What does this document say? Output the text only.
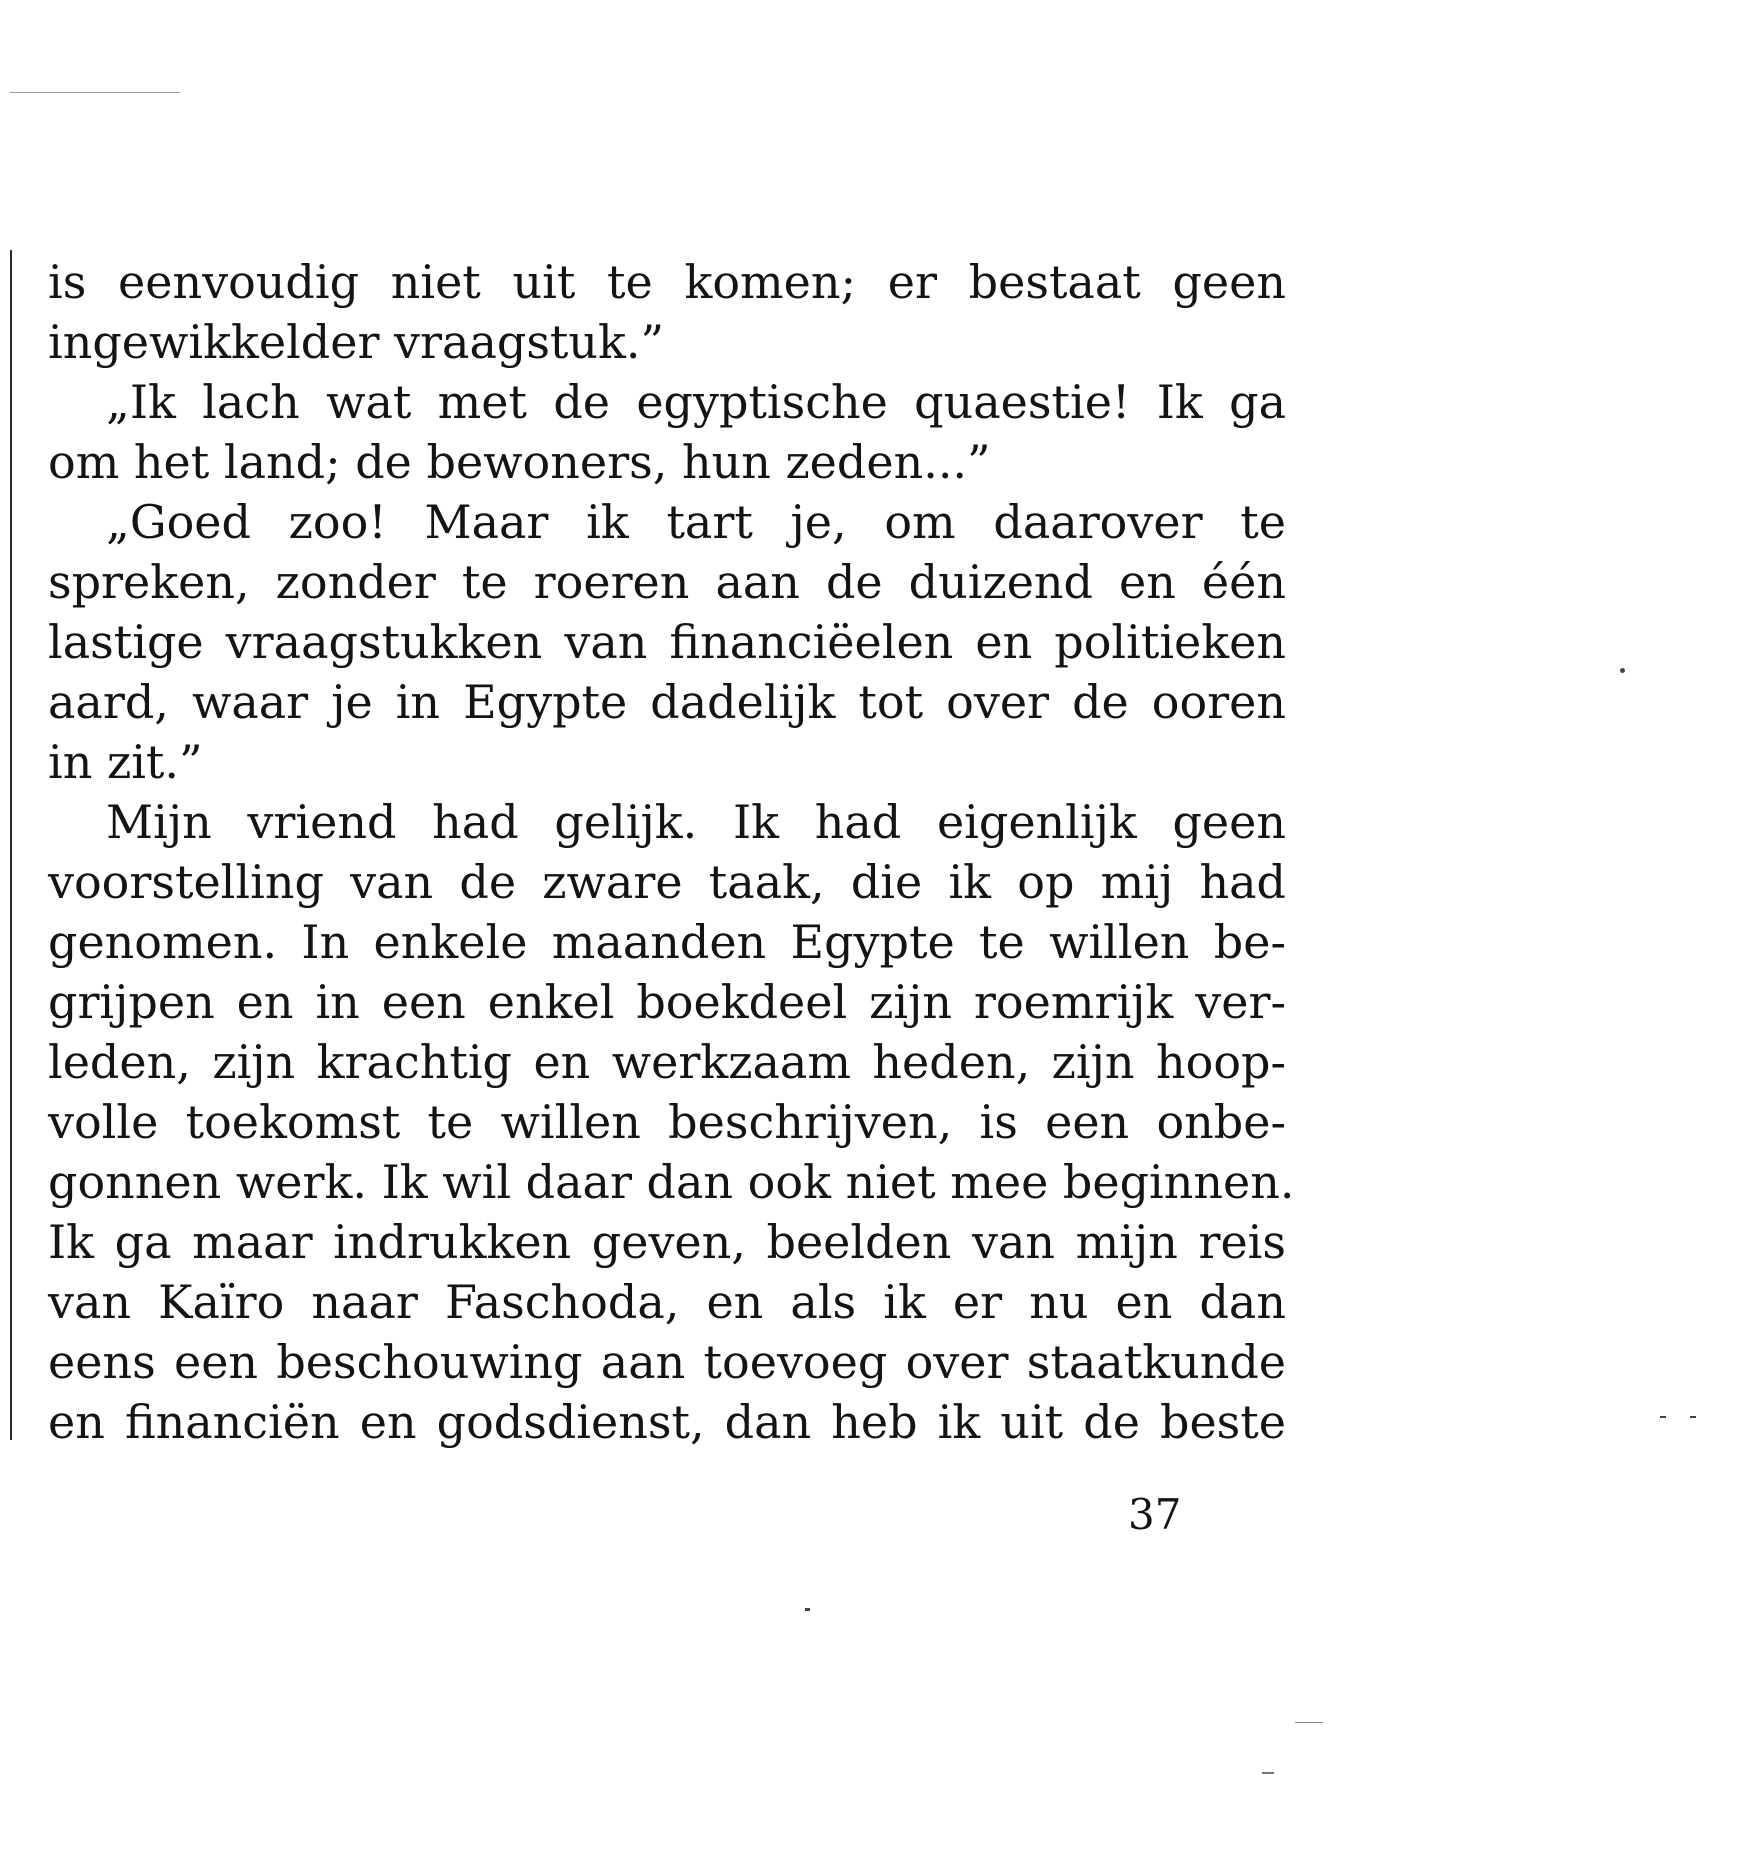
is eenvoudig niet uit te komen; er bestaat geen
ingewikkelder vraagstuk.”
„Ik lach wat met de egyptische quaestie! Ik ga
om het land; de bewoners, hun zeden...”
„Goed zoo! Maar ik tart je, om daarover te
spreken, zonder te roeren aan de duizend en één
lastige vraagstukken van financiëelen en politieken
aard, waar je in Egypte dadelijk tot over de ooren
in zit.”
Mijn vriend had gelijk. Ik had eigenlijk geen
voorstelling van de zware taak, die ik op mij had
genomen. In enkele maanden Egypte te willen be-
grijpen en in een enkel boekdeel zijn roemrijk ver-
leden, zijn krachtig en werkzaam heden, zijn hoop-
volle toekomst te willen beschrijven, is een onbe-
gonnen werk. Ik wil daar dan ook niet mee beginnen.
Ik ga maar indrukken geven, beelden van mijn reis
van Kaïro naar Faschoda, en als ik er nu en dan
eens een beschouwing aan toevoeg over staatkunde
en financiën en godsdienst, dan heb ik uit de beste
37
